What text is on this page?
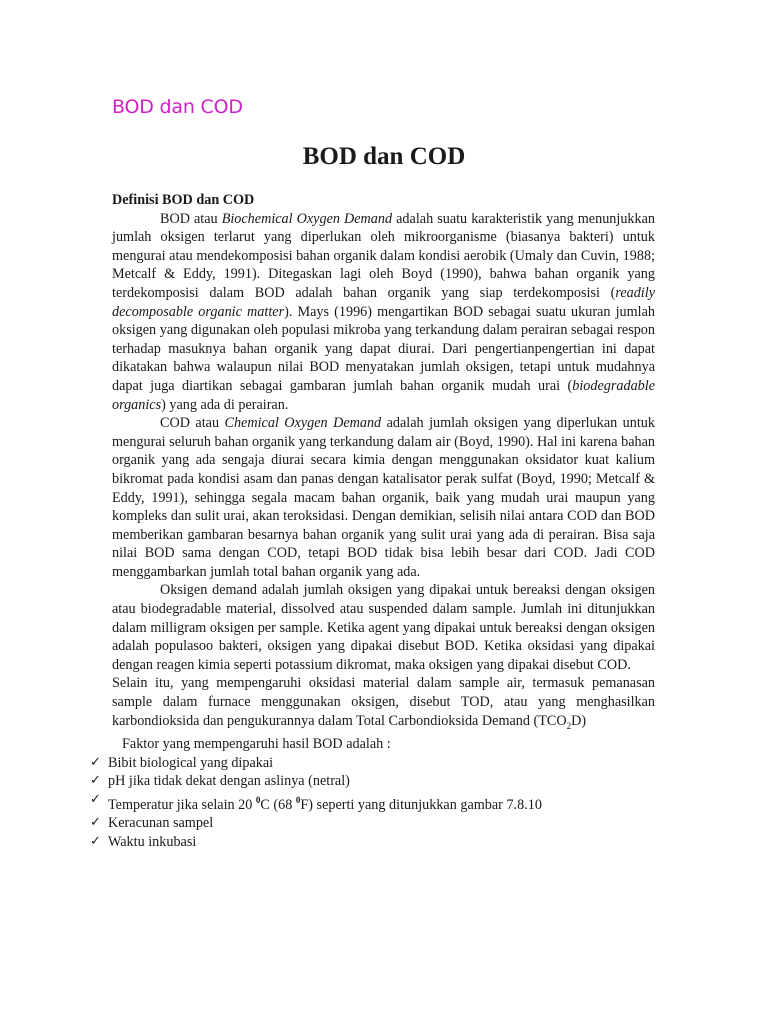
BOD dan COD
BOD dan COD

Definisi BOD dan COD

BOD atau Biochemical Oxygen Demand adalah suatu karakteristik yang menunjukkan jumlah oksigen terlarut yang diperlukan oleh mikroorganisme (biasanya bakteri) untuk mengurai atau mendekomposisi bahan organik dalam kondisi aerobik (Umaly dan Cuvin, 1988; Metcalf & Eddy, 1991). Ditegaskan lagi oleh Boyd (1990), bahwa bahan organik yang terdekomposisi dalam BOD adalah bahan organik yang siap terdekomposisi (readily decomposable organic matter). Mays (1996) mengartikan BOD sebagai suatu ukuran jumlah oksigen yang digunakan oleh populasi mikroba yang terkandung dalam perairan sebagai respon terhadap masuknya bahan organik yang dapat diurai. Dari pengertianpengertian ini dapat dikatakan bahwa walaupun nilai BOD menyatakan jumlah oksigen, tetapi untuk mudahnya dapat juga diartikan sebagai gambaran jumlah bahan organik mudah urai (biodegradable organics) yang ada di perairan.

COD atau Chemical Oxygen Demand adalah jumlah oksigen yang diperlukan untuk mengurai seluruh bahan organik yang terkandung dalam air (Boyd, 1990). Hal ini karena bahan organik yang ada sengaja diurai secara kimia dengan menggunakan oksidator kuat kalium bikromat pada kondisi asam dan panas dengan katalisator perak sulfat (Boyd, 1990; Metcalf & Eddy, 1991), sehingga segala macam bahan organik, baik yang mudah urai maupun yang kompleks dan sulit urai, akan teroksidasi. Dengan demikian, selisih nilai antara COD dan BOD memberikan gambaran besarnya bahan organik yang sulit urai yang ada di perairan. Bisa saja nilai BOD sama dengan COD, tetapi BOD tidak bisa lebih besar dari COD. Jadi COD menggambarkan jumlah total bahan organik yang ada.

Oksigen demand adalah jumlah oksigen yang dipakai untuk bereaksi dengan oksigen atau biodegradable material, dissolved atau suspended dalam sample. Jumlah ini ditunjukkan dalam milligram oksigen per sample. Ketika agent yang dipakai untuk bereaksi dengan oksigen adalah populasoo bakteri, oksigen yang dipakai disebut BOD. Ketika oksidasi yang dipakai dengan reagen kimia seperti potassium dikromat, maka oksigen yang dipakai disebut COD.

Selain itu, yang mempengaruhi oksidasi material dalam sample air, termasuk pemanasan sample dalam furnace menggunakan oksigen, disebut TOD, atau yang menghasilkan karbondioksida dan pengukurannya dalam Total Carbondioksida Demand $(TCO_2D)$

Faktor yang mempengaruhi hasil BOD adalah :

✓ Bibit biological yang dipakai
✓ pH jika tidak dekat dengan aslinya (netral)
✓ Temperatur jika selain 20 $^0$C (68 $^0$F) seperti yang ditunjukkan gambar 7.8.10
✓ Keracunan sampel
✓ Waktu inkubasi
